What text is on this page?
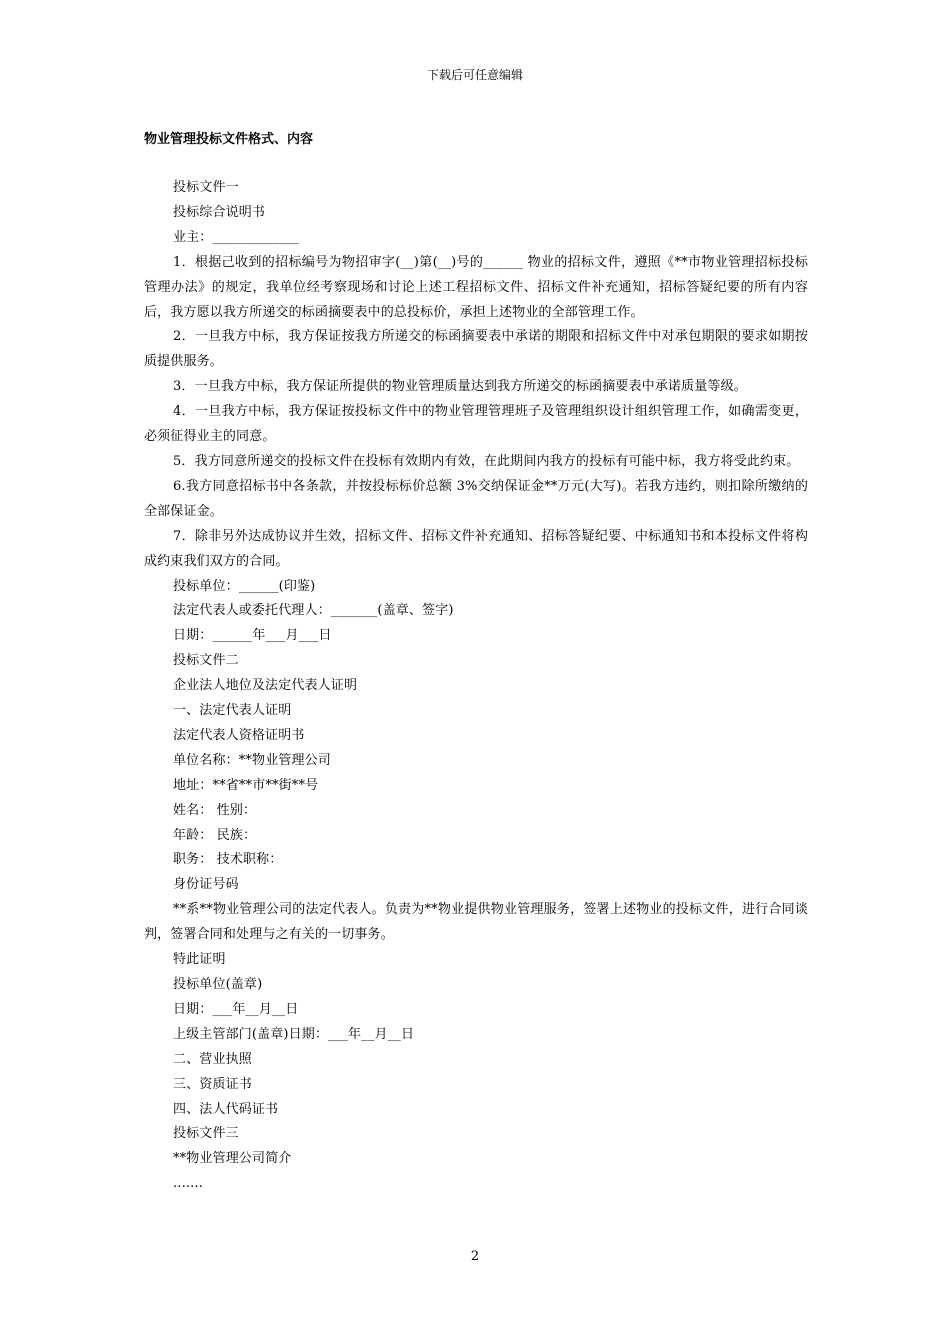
下载后可任意编辑
物业管理投标文件格式、内容

投标文件一

投标综合说明书

业主：_____________

1．根据己收到的招标编号为物招审字(__)第(__)号的______ 物业的招标文件，遵照《**市物业管理招标投标管理办法》的规定，我单位经考察现场和讨论上述工程招标文件、招标文件补充通知，招标答疑纪要的所有内容后，我方愿以我方所递交的标函摘要表中的总投标价，承担上述物业的全部管理工作。

2．一旦我方中标，我方保证按我方所递交的标函摘要表中承诺的期限和招标文件中对承包期限的要求如期按质提供服务。

3．一旦我方中标，我方保证所提供的物业管理质量达到我方所递交的标函摘要表中承诺质量等级。

4．一旦我方中标，我方保证按投标文件中的物业管理管理班子及管理组织设计组织管理工作，如确需变更，必须征得业主的同意。

5．我方同意所递交的投标文件在投标有效期内有效，在此期间内我方的投标有可能中标，我方将受此约束。

6.我方同意招标书中各条款，并按投标标价总额 3%交纳保证金**万元(大写)。若我方违约，则扣除所缴纳的全部保证金。

7．除非另外达成协议并生效，招标文件、招标文件补充通知、招标答疑纪要、中标通知书和本投标文件将构成约束我们双方的合同。

投标单位：______(印鉴)

法定代表人或委托代理人：_______(盖章、签字)

日期：______年___月___日

投标文件二

企业法人地位及法定代表人证明

一、法定代表人证明

法定代表人资格证明书

单位名称：**物业管理公司

地址：**省**市**街**号

姓名： 性别：

年龄： 民族：

职务： 技术职称：

身份证号码

**系**物业管理公司的法定代表人。负责为**物业提供物业管理服务，签署上述物业的投标文件，进行合同谈判，签署合同和处理与之有关的一切事务。

特此证明

投标单位(盖章)

日期：___年__月__日

上级主管部门(盖章)日期：___年__月__日

二、营业执照

三、资质证书

四、法人代码证书

投标文件三

**物业管理公司简介

.......

2
